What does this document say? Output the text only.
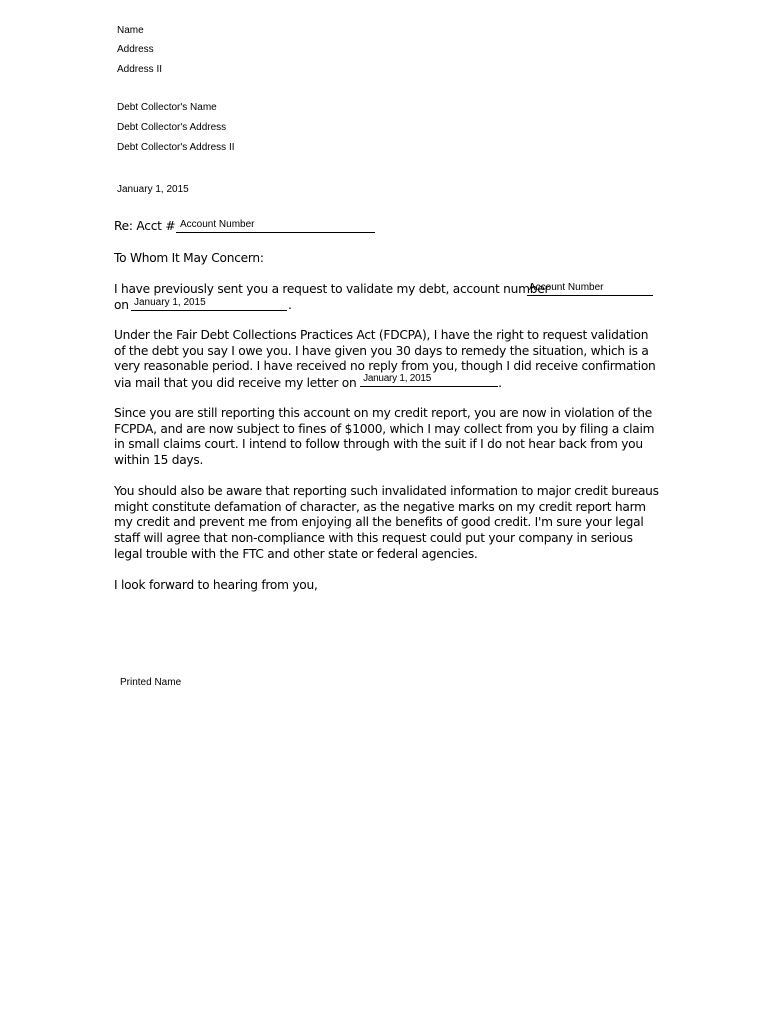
Name
Address
Address II
Debt Collector's Name
Debt Collector's Address
Debt Collector's Address II
January 1, 2015
Re: Acct # Account Number
To Whom It May Concern:
I have previously sent you a request to validate my debt, account number
Account Number
on January 1, 2015	.
Under the Fair Debt Collections Practices Act (FDCPA), I have the right to request validation of the debt you say I owe you. I have given you 30 days to remedy the situation, which is a very reasonable period. I have received no reply from you, though I did receive confirmation via mail that you did receive my letter on January 1, 2015	.
Since you are still reporting this account on my credit report, you are now in violation of the FCPDA, and are now subject to fines of $1000, which I may collect from you by filing a claim in small claims court. I intend to follow through with the suit if I do not hear back from you within 15 days.
You should also be aware that reporting such invalidated information to major credit bureaus might constitute defamation of character, as the negative marks on my credit report harm my credit and prevent me from enjoying all the benefits of good credit. I'm sure your legal staff will agree that non-compliance with this request could put your company in serious legal trouble with the FTC and other state or federal agencies.
I look forward to hearing from you,
Printed Name
